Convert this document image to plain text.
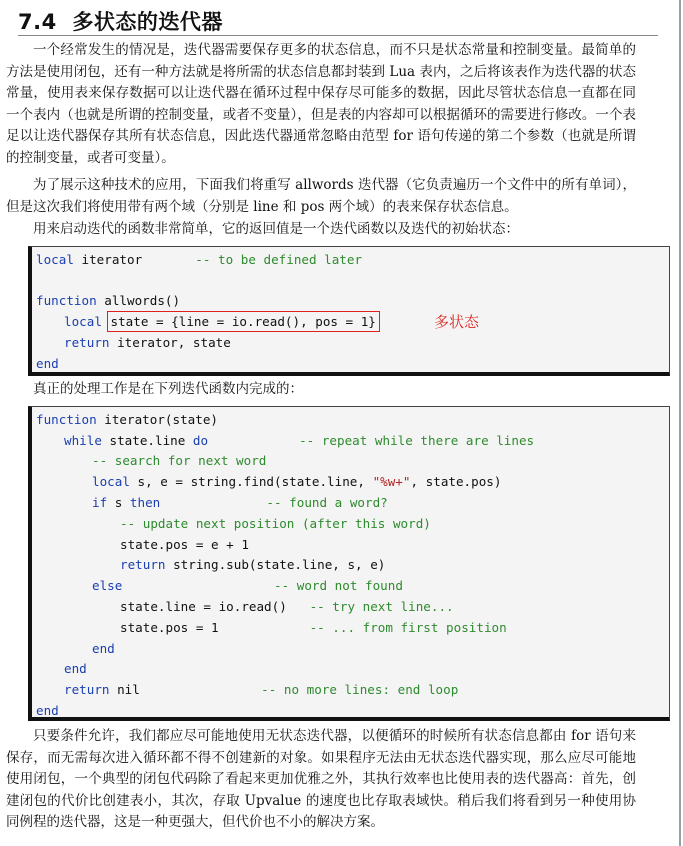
7.4 多状态的迭代器

一个经常发生的情况是，迭代器需要保存更多的状态信息，而不只是状态常量和控制变量。最简单的方法是使用闭包，还有一种方法就是将所需的状态信息都封装到 Lua 表内，之后将该表作为迭代器的状态常量，使用表来保存数据可以让迭代器在循环过程中保存尽可能多的数据，因此尽管状态信息一直都在同一个表内（也就是所谓的控制变量，或者不变量），但是表的内容却可以根据循环的需要进行修改。一个表足以让迭代器保存其所有状态信息，因此迭代器通常忽略由范型 for 语句传递的第二个参数（也就是所谓的控制变量，或者可变量）。

为了展示这种技术的应用，下面我们将重写 allwords 迭代器（它负责遍历一个文件中的所有单词），但是这次我们将使用带有两个域（分别是 line 和 pos 两个域）的表来保存状态信息。

用来启动迭代的函数非常简单，它的返回值是一个迭代函数以及迭代的初始状态：

local iterator       -- to be defined later
function allwords()
local state = {line = io.read(), pos = 1}
return iterator, state
end
多状态

真正的处理工作是在下列迭代函数内完成的：

function iterator(state)
while state.line do	-- repeat while there are lines
-- search for next word
local s, e = string.find(state.line, "%w+", state.pos)
if s then	-- found a word?
-- update next position (after this word)
state.pos = e + 1
return string.sub(state.line, s, e)
else	-- word not found
state.line = io.read()   -- try next line...
state.pos = 1            -- ... from first position
end
end
return nil                -- no more lines: end loop
end

只要条件允许，我们都应尽可能地使用无状态迭代器，以便循环的时候所有状态信息都由 for 语句来保存，而无需每次进入循环都不得不创建新的对象。如果程序无法由无状态迭代器实现，那么应尽可能地使用闭包，一个典型的闭包代码除了看起来更加优雅之外，其执行效率也比使用表的迭代器高：首先，创建闭包的代价比创建表小，其次，存取 Upvalue 的速度也比存取表域快。稍后我们将看到另一种使用协同例程的迭代器，这是一种更强大，但代价也不小的解决方案。
